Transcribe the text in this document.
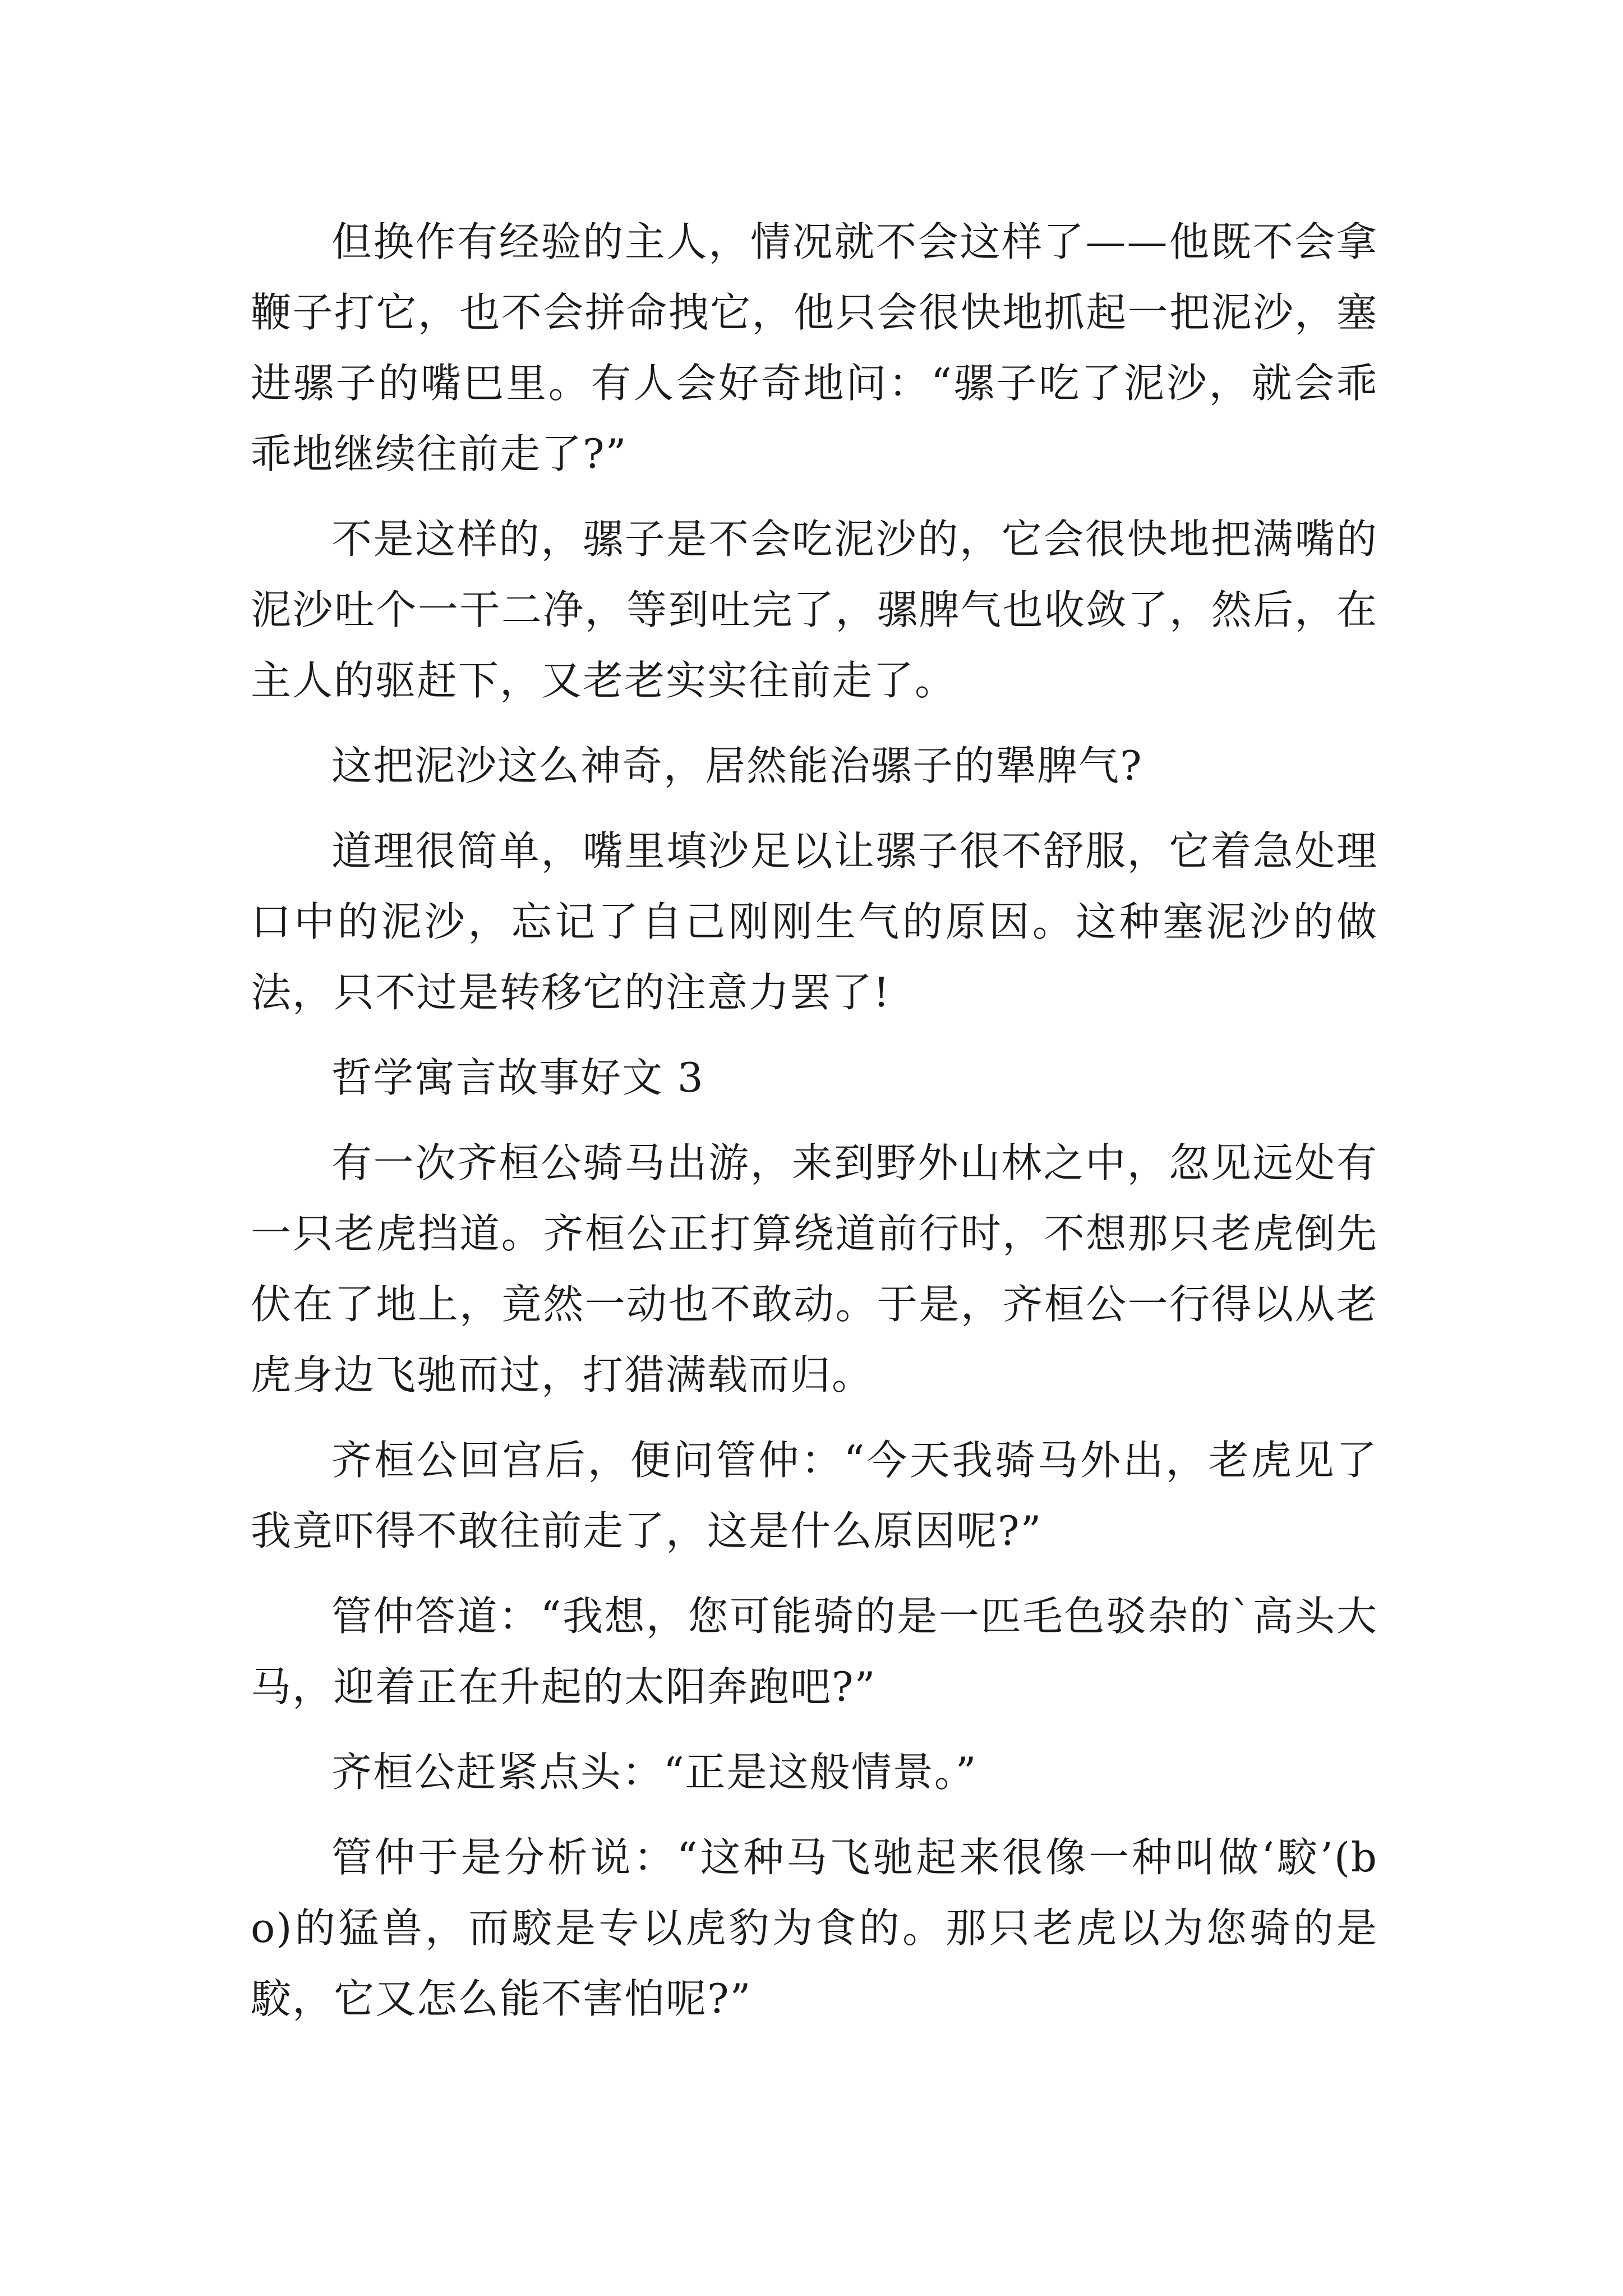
但换作有经验的主人，情况就不会这样了——他既不会拿鞭子打它，也不会拼命拽它，他只会很快地抓起一把泥沙，塞进骡子的嘴巴里。有人会好奇地问：“骡子吃了泥沙，就会乖乖地继续往前走了?”

不是这样的，骡子是不会吃泥沙的，它会很快地把满嘴的泥沙吐个一干二净，等到吐完了，骡脾气也收敛了，然后，在主人的驱赶下，又老老实实往前走了。

这把泥沙这么神奇，居然能治骡子的犟脾气?

道理很简单，嘴里填沙足以让骡子很不舒服，它着急处理口中的泥沙，忘记了自己刚刚生气的原因。这种塞泥沙的做法，只不过是转移它的注意力罢了!

哲学寓言故事好文 3

有一次齐桓公骑马出游，来到野外山林之中，忽见远处有一只老虎挡道。齐桓公正打算绕道前行时，不想那只老虎倒先伏在了地上，竟然一动也不敢动。于是，齐桓公一行得以从老虎身边飞驰而过，打猎满载而归。

齐桓公回宫后，便问管仲：“今天我骑马外出，老虎见了我竟吓得不敢往前走了，这是什么原因呢?”

管仲答道：“我想，您可能骑的是一匹毛色驳杂的`高头大马，迎着正在升起的太阳奔跑吧?”

齐桓公赶紧点头：“正是这般情景。”

管仲于是分析说：“这种马飞驰起来很像一种叫做‘駮’(bo)的猛兽，而駮是专以虎豹为食的。那只老虎以为您骑的是駮，它又怎么能不害怕呢?”
